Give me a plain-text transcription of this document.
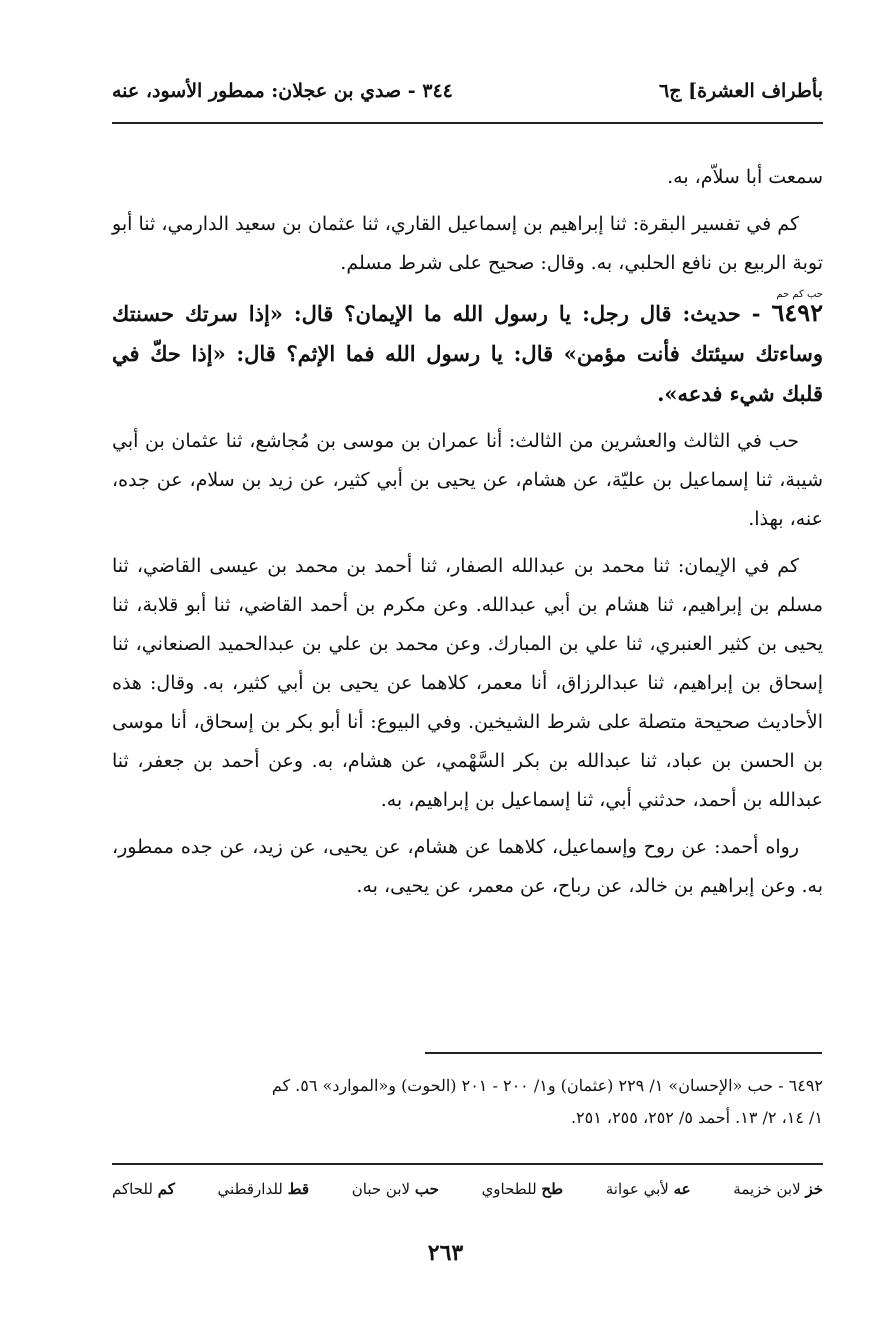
بأطراف العشرة] ج٦
٣٤٤ - صدي بن عجلان: ممطور الأسود، عنه

سمعت أبا سلاّم، به.

كم في تفسير البقرة: ثنا إبراهيم بن إسماعيل القاري، ثنا عثمان بن سعيد الدارمي، ثنا أبو توبة الربيع بن نافع الحلبي، به. وقال: صحيح على شرط مسلم.

حب كم حم
٦٤٩٢ - حديث: قال رجل: يا رسول الله ما الإيمان؟ قال: «إذا سرتك حسنتك وساءتك سيئتك فأنت مؤمن» قال: يا رسول الله فما الإثم؟ قال: «إذا حكّ في قلبك شيء فدعه».

حب في الثالث والعشرين من الثالث: أنا عمران بن موسى بن مُجاشع، ثنا عثمان بن أبي شيبة، ثنا إسماعيل بن عليّة، عن هشام، عن يحيى بن أبي كثير، عن زيد بن سلام، عن جده، عنه، بهذا.

كم في الإيمان: ثنا محمد بن عبدالله الصفار، ثنا أحمد بن محمد بن عيسى القاضي، ثنا مسلم بن إبراهيم، ثنا هشام بن أبي عبدالله. وعن مكرم بن أحمد القاضي، ثنا أبو قلابة، ثنا يحيى بن كثير العنبري، ثنا علي بن المبارك. وعن محمد بن علي بن عبدالحميد الصنعاني، ثنا إسحاق بن إبراهيم، ثنا عبدالرزاق، أنا معمر، كلاهما عن يحيى بن أبي كثير، به. وقال: هذه الأحاديث صحيحة متصلة على شرط الشيخين. وفي البيوع: أنا أبو بكر بن إسحاق، أنا موسى بن الحسن بن عباد، ثنا عبدالله بن بكر السَّهْمي، عن هشام، به. وعن أحمد بن جعفر، ثنا عبدالله بن أحمد، حدثني أبي، ثنا إسماعيل بن إبراهيم، به.

رواه أحمد: عن روح وإسماعيل، كلاهما عن هشام، عن يحيى، عن زيد، عن جده ممطور، به. وعن إبراهيم بن خالد، عن رباح، عن معمر، عن يحيى، به.

٦٤٩٢ - حب «الإحسان» ١/ ٢٢٩ (عثمان) و١/ ٢٠٠ - ٢٠١ (الحوت) و«الموارد» ٥٦. كم

١/ ١٤، ٢/ ١٣. أحمد ٥/ ٢٥٢، ٢٥٥، ٢٥١.

خز لابن خزيمة
عه لأبي عوانة
طح للطحاوي
حب لابن حبان
قط للدارقطني
كم للحاكم
٢٦٣
